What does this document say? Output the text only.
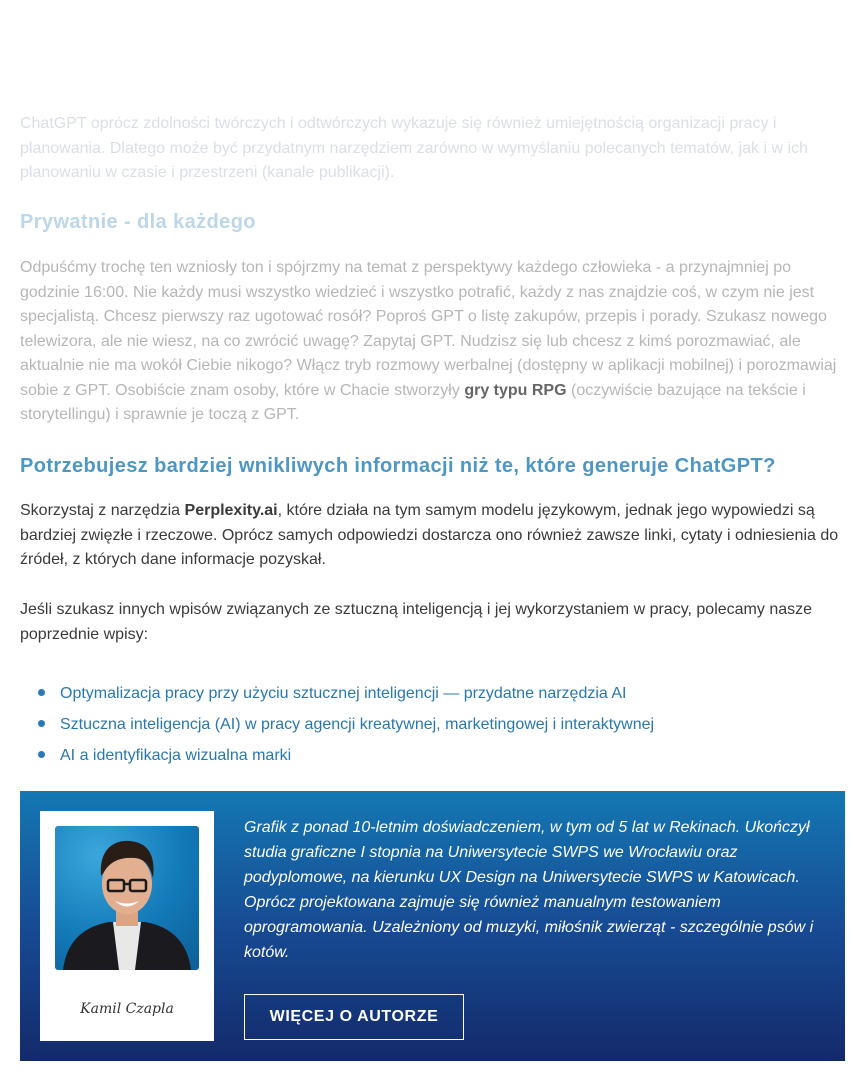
ChatGPT oprócz zdolności twórczych i odtwórczych wykazuje się również umiejętnością organizacji pracy i planowania. Dlatego może być przydatnym narzędziem zarówno w wymyślaniu polecanych tematów, jak i w ich planowaniu w czasie i przestrzeni (kanale publikacji).

Prywatnie - dla każdego

Odpuśćmy trochę ten wzniosły ton i spójrzmy na temat z perspektywy każdego człowieka - a przynajmniej po godzinie 16:00. Nie każdy musi wszystko wiedzieć i wszystko potrafić, każdy z nas znajdzie coś, w czym nie jest specjalistą. Chcesz pierwszy raz ugotować rosół? Poproś GPT o listę zakupów, przepis i porady. Szukasz nowego telewizora, ale nie wiesz, na co zwrócić uwagę? Zapytaj GPT. Nudzisz się lub chcesz z kimś porozmawiać, ale aktualnie nie ma wokół Ciebie nikogo? Włącz tryb rozmowy werbalnej (dostępny w aplikacji mobilnej) i porozmawiaj sobie z GPT. Osobiście znam osoby, które w Chacie stworzyły gry typu RPG (oczywiście bazujące na tekście i storytellingu) i sprawnie je toczą z GPT.

Potrzebujesz bardziej wnikliwych informacji niż te, które generuje ChatGPT?

Skorzystaj z narzędzia Perplexity.ai, które działa na tym samym modelu językowym, jednak jego wypowiedzi są bardziej zwięzłe i rzeczowe. Oprócz samych odpowiedzi dostarcza ono również zawsze linki, cytaty i odniesienia do źródeł, z których dane informacje pozyskał.

Jeśli szukasz innych wpisów związanych ze sztuczną inteligencją i jej wykorzystaniem w pracy, polecamy nasze poprzednie wpisy:

Optymalizacja pracy przy użyciu sztucznej inteligencji — przydatne narzędzia AI
Sztuczna inteligencja (AI) w pracy agencji kreatywnej, marketingowej i interaktywnej
AI a identyfikacja wizualna marki
Kamil Czapla
Grafik z ponad 10-letnim doświadczeniem, w tym od 5 lat w Rekinach. Ukończył studia graficzne I stopnia na Uniwersytecie SWPS we Wrocławiu oraz podyplomowe, na kierunku UX Design na Uniwersytecie SWPS w Katowicach. Oprócz projektowana zajmuje się również manualnym testowaniem oprogramowania. Uzależniony od muzyki, miłośnik zwierząt - szczególnie psów i kotów.
WIĘCEJ O AUTORZE
